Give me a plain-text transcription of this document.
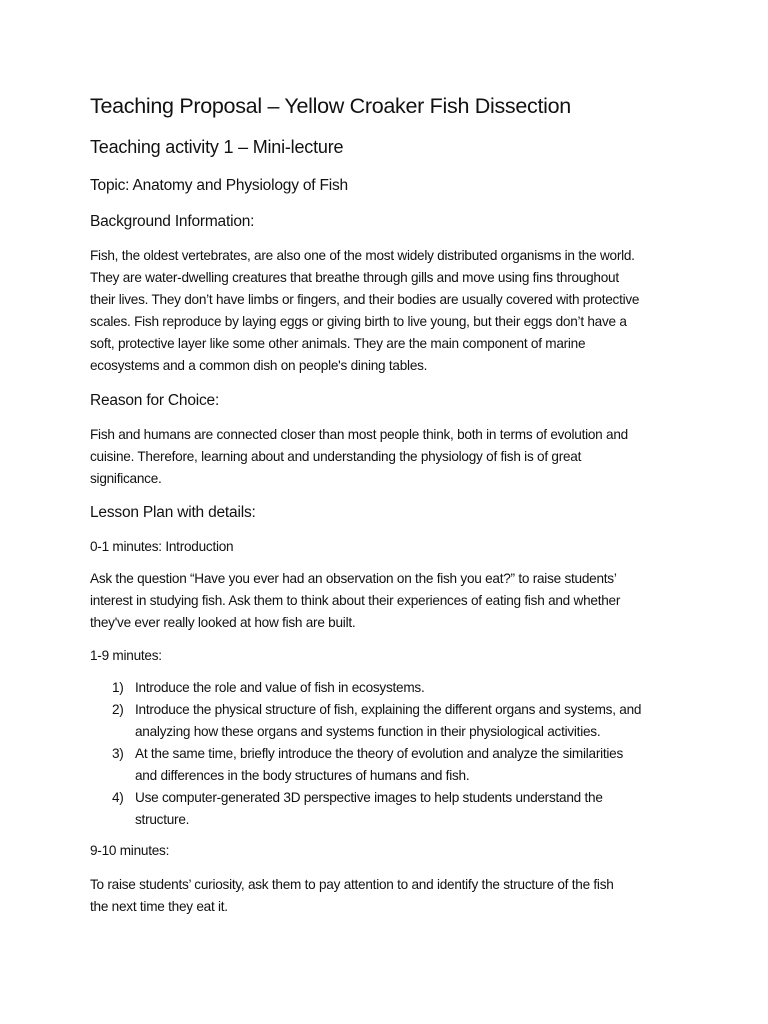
Teaching Proposal – Yellow Croaker Fish Dissection
Teaching activity 1 – Mini-lecture
Topic: Anatomy and Physiology of Fish
Background Information:

Fish, the oldest vertebrates, are also one of the most widely distributed organisms in the world.
They are water-dwelling creatures that breathe through gills and move using fins throughout
their lives. They don’t have limbs or fingers, and their bodies are usually covered with protective
scales. Fish reproduce by laying eggs or giving birth to live young, but their eggs don’t have a
soft, protective layer like some other animals. They are the main component of marine
ecosystems and a common dish on people's dining tables.

Reason for Choice:

Fish and humans are connected closer than most people think, both in terms of evolution and
cuisine. Therefore, learning about and understanding the physiology of fish is of great
significance.

Lesson Plan with details:

0-1 minutes: Introduction

Ask the question “Have you ever had an observation on the fish you eat?” to raise students’
interest in studying fish. Ask them to think about their experiences of eating fish and whether
they've ever really looked at how fish are built.

1-9 minutes:

1) Introduce the role and value of fish in ecosystems.
2) Introduce the physical structure of fish, explaining the different organs and systems, and
analyzing how these organs and systems function in their physiological activities.
3) At the same time, briefly introduce the theory of evolution and analyze the similarities
and differences in the body structures of humans and fish.
4) Use computer-generated 3D perspective images to help students understand the
structure.

9-10 minutes:

To raise students’ curiosity, ask them to pay attention to and identify the structure of the fish
the next time they eat it.
